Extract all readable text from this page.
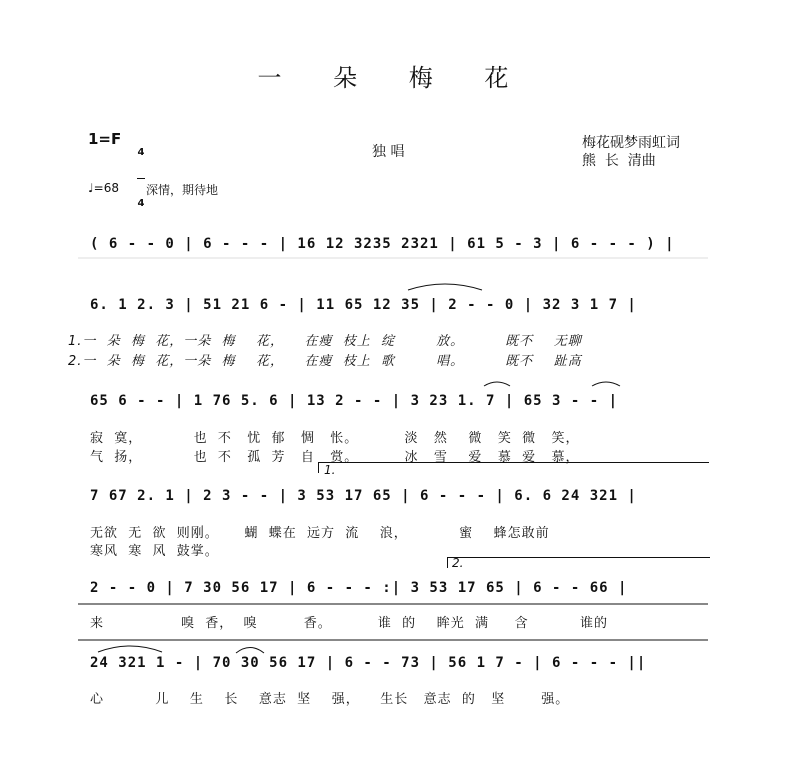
一 朵 梅 花
1=F

4

4

独 唱
梅花砚梦雨虹词
熊  长  清曲
♩=68 深情，期待地
( 6 - - 0 | 6 - - - | 16 12 3235 2321 | 61 5 - 3 | 6 - - - ) |
6. 1 2. 3 | 51 21 6 - | 11 65 12 35 | 2 - - 0 | 32 3 1 7 |
1.一  朵  梅  花，一朵  梅    花，    在瘦  枝上  绽        放。        既不    无聊
2.一  朵  梅  花，一朵  梅    花，    在瘦  枝上  歌        唱。        既不    趾高
65 6 - - | 1 76 5. 6 | 13 2 - - | 3 23 1. 7 | 65 3 - - |
寂  寞，          也  不   忧  郁   惆   怅。         淡   然    微   笑  微   笑，
气  扬，          也  不   孤  芳   自   赏。         冰   雪    爱   慕  爱   慕，
7 67 2. 1 | 2 3 - - | 3 53 17 65 | 6 - - - | 6. 6 24 321 |
无欲  无  欲  则刚。     蝴  蝶在  远方  流    浪，          蜜    蜂怎敢前
寒风  寒  风  鼓掌。
2 - - 0 | 7 30 56 17 | 6 - - - :| 3 53 17 65 | 6 - - 66 |
来               嗅  香，  嗅         香。         谁  的    眸光  满     含          谁的
24 321 1 - | 70 30 56 17 | 6 - - 73 | 56 1 7 - | 6 - - - ||
心          儿    生    长    意志  坚    强，    生长   意志  的   坚       强。
1.
2.
